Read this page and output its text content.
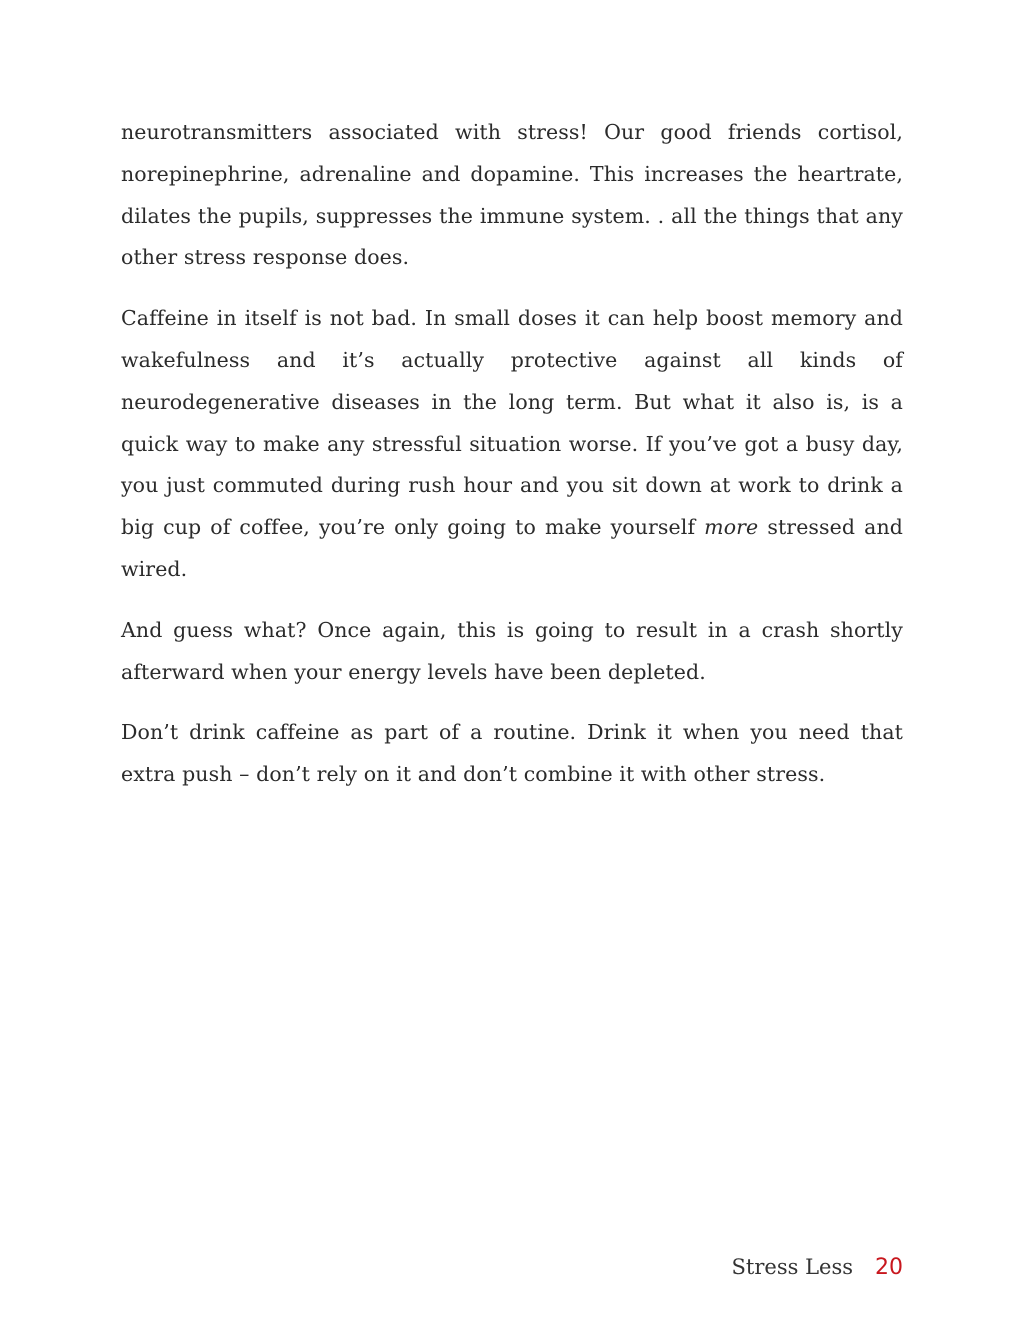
neurotransmitters associated with stress! Our good friends cortisol, norepinephrine, adrenaline and dopamine. This increases the heartrate, dilates the pupils, suppresses the immune system. . all the things that any other stress response does.

Caffeine in itself is not bad. In small doses it can help boost memory and wakefulness and it’s actually protective against all kinds of neurodegenerative diseases in the long term. But what it also is, is a quick way to make any stressful situation worse. If you’ve got a busy day, you just commuted during rush hour and you sit down at work to drink a big cup of coffee, you’re only going to make yourself more stressed and wired.

And guess what? Once again, this is going to result in a crash shortly afterward when your energy levels have been depleted.

Don’t drink caffeine as part of a routine. Drink it when you need that extra push – don’t rely on it and don’t combine it with other stress.

Stress Less 20
